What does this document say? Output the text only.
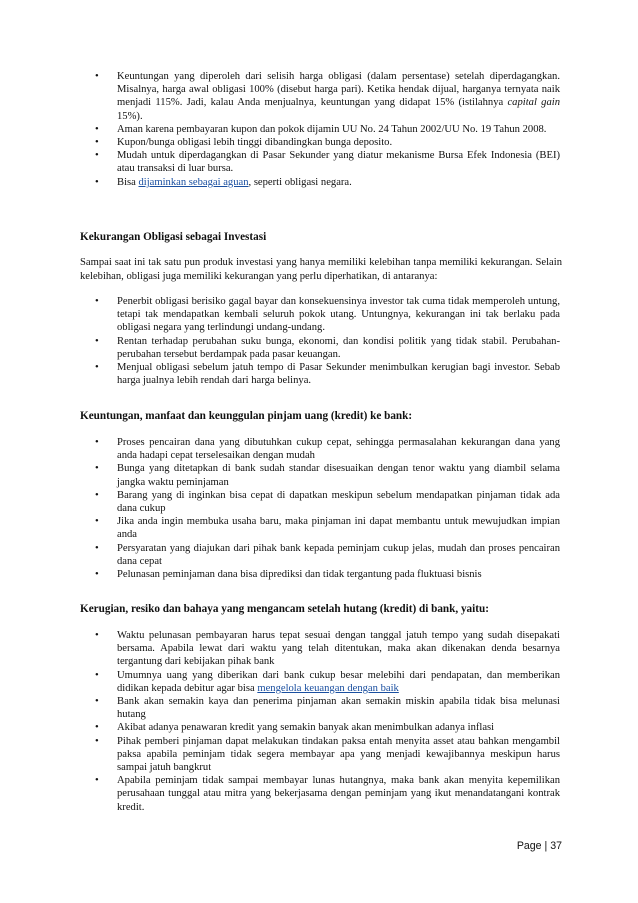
• Keuntungan yang diperoleh dari selisih harga obligasi (dalam persentase) setelah diperdagangkan. Misalnya, harga awal obligasi 100% (disebut harga pari). Ketika hendak dijual, harganya ternyata naik menjadi 115%. Jadi, kalau Anda menjualnya, keuntungan yang didapat 15% (istilahnya capital gain 15%).
• Aman karena pembayaran kupon dan pokok dijamin UU No. 24 Tahun 2002/UU No. 19 Tahun 2008.
• Kupon/bunga obligasi lebih tinggi dibandingkan bunga deposito.
• Mudah untuk diperdagangkan di Pasar Sekunder yang diatur mekanisme Bursa Efek Indonesia (BEI) atau transaksi di luar bursa.
• Bisa dijaminkan sebagai aguan, seperti obligasi negara.
Kekurangan Obligasi sebagai Investasi
Sampai saat ini tak satu pun produk investasi yang hanya memiliki kelebihan tanpa memiliki kekurangan. Selain kelebihan, obligasi juga memiliki kekurangan yang perlu diperhatikan, di antaranya:
• Penerbit obligasi berisiko gagal bayar dan konsekuensinya investor tak cuma tidak memperoleh untung, tetapi tak mendapatkan kembali seluruh pokok utang. Untungnya, kekurangan ini tak berlaku pada obligasi negara yang terlindungi undang-undang.
• Rentan terhadap perubahan suku bunga, ekonomi, dan kondisi politik yang tidak stabil. Perubahan-perubahan tersebut berdampak pada pasar keuangan.
• Menjual obligasi sebelum jatuh tempo di Pasar Sekunder menimbulkan kerugian bagi investor. Sebab harga jualnya lebih rendah dari harga belinya.
Keuntungan, manfaat dan keunggulan pinjam uang (kredit) ke bank:
• Proses pencairan dana yang dibutuhkan cukup cepat, sehingga permasalahan kekurangan dana yang anda hadapi cepat terselesaikan dengan mudah
• Bunga yang ditetapkan di bank sudah standar disesuaikan dengan tenor waktu yang diambil selama jangka waktu peminjaman
• Barang yang di inginkan bisa cepat di dapatkan meskipun sebelum mendapatkan pinjaman tidak ada dana cukup
• Jika anda ingin membuka usaha baru, maka pinjaman ini dapat membantu untuk mewujudkan impian anda
• Persyaratan yang diajukan dari pihak bank kepada peminjam cukup jelas, mudah dan proses pencairan dana cepat
• Pelunasan peminjaman dana bisa diprediksi dan tidak tergantung pada fluktuasi bisnis
Kerugian, resiko dan bahaya yang mengancam setelah hutang (kredit) di bank, yaitu:
• Waktu pelunasan pembayaran harus tepat sesuai dengan tanggal jatuh tempo yang sudah disepakati bersama. Apabila lewat dari waktu yang telah ditentukan, maka akan dikenakan denda besarnya tergantung dari kebijakan pihak bank
• Umumnya uang yang diberikan dari bank cukup besar melebihi dari pendapatan, dan memberikan didikan kepada debitur agar bisa mengelola keuangan dengan baik
• Bank akan semakin kaya dan penerima pinjaman akan semakin miskin apabila tidak bisa melunasi hutang
• Akibat adanya penawaran kredit yang semakin banyak akan menimbulkan adanya inflasi
• Pihak pemberi pinjaman dapat melakukan tindakan paksa entah menyita asset atau bahkan mengambil paksa apabila peminjam tidak segera membayar apa yang menjadi kewajibannya meskipun harus sampai jatuh bangkrut
• Apabila peminjam tidak sampai membayar lunas hutangnya, maka bank akan menyita kepemilikan perusahaan tunggal atau mitra yang bekerjasama dengan peminjam yang ikut menandatangani kontrak kredit.
Page | 37
